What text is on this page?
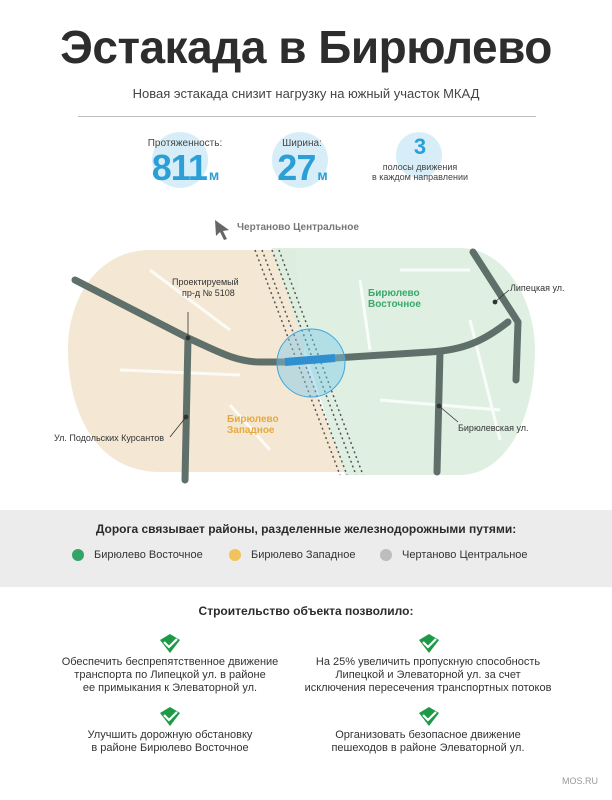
Эстакада в Бирюлево
Новая эстакада снизит нагрузку на южный участок МКАД
Протяженность:
811 м
Ширина:
27 м
3
полосы движения
в каждом направлении
Чертаново Центральное
Бирюлево
Восточное
Бирюлево
Западное
Проектируемый
пр-д № 5108	Липецкая ул.
Ул. Подольских Курсантов
Бирюлевская ул.
Дорога связывает районы, разделенные железнодорожными путями:
Бирюлево Восточное	Бирюлево Западное	Чертаново Центральное
Строительство объекта позволило:
Обеспечить беспрепятственное движение
транспорта по Липецкой ул. в районе
ее примыкания к Элеваторной ул.
На 25% увеличить пропускную способность
Липецкой и Элеваторной ул. за счет
исключения пересечения транспортных потоков
Улучшить дорожную обстановку
в районе Бирюлево Восточное
Организовать безопасное движение
пешеходов в районе Элеваторной ул.
MOS.RU
